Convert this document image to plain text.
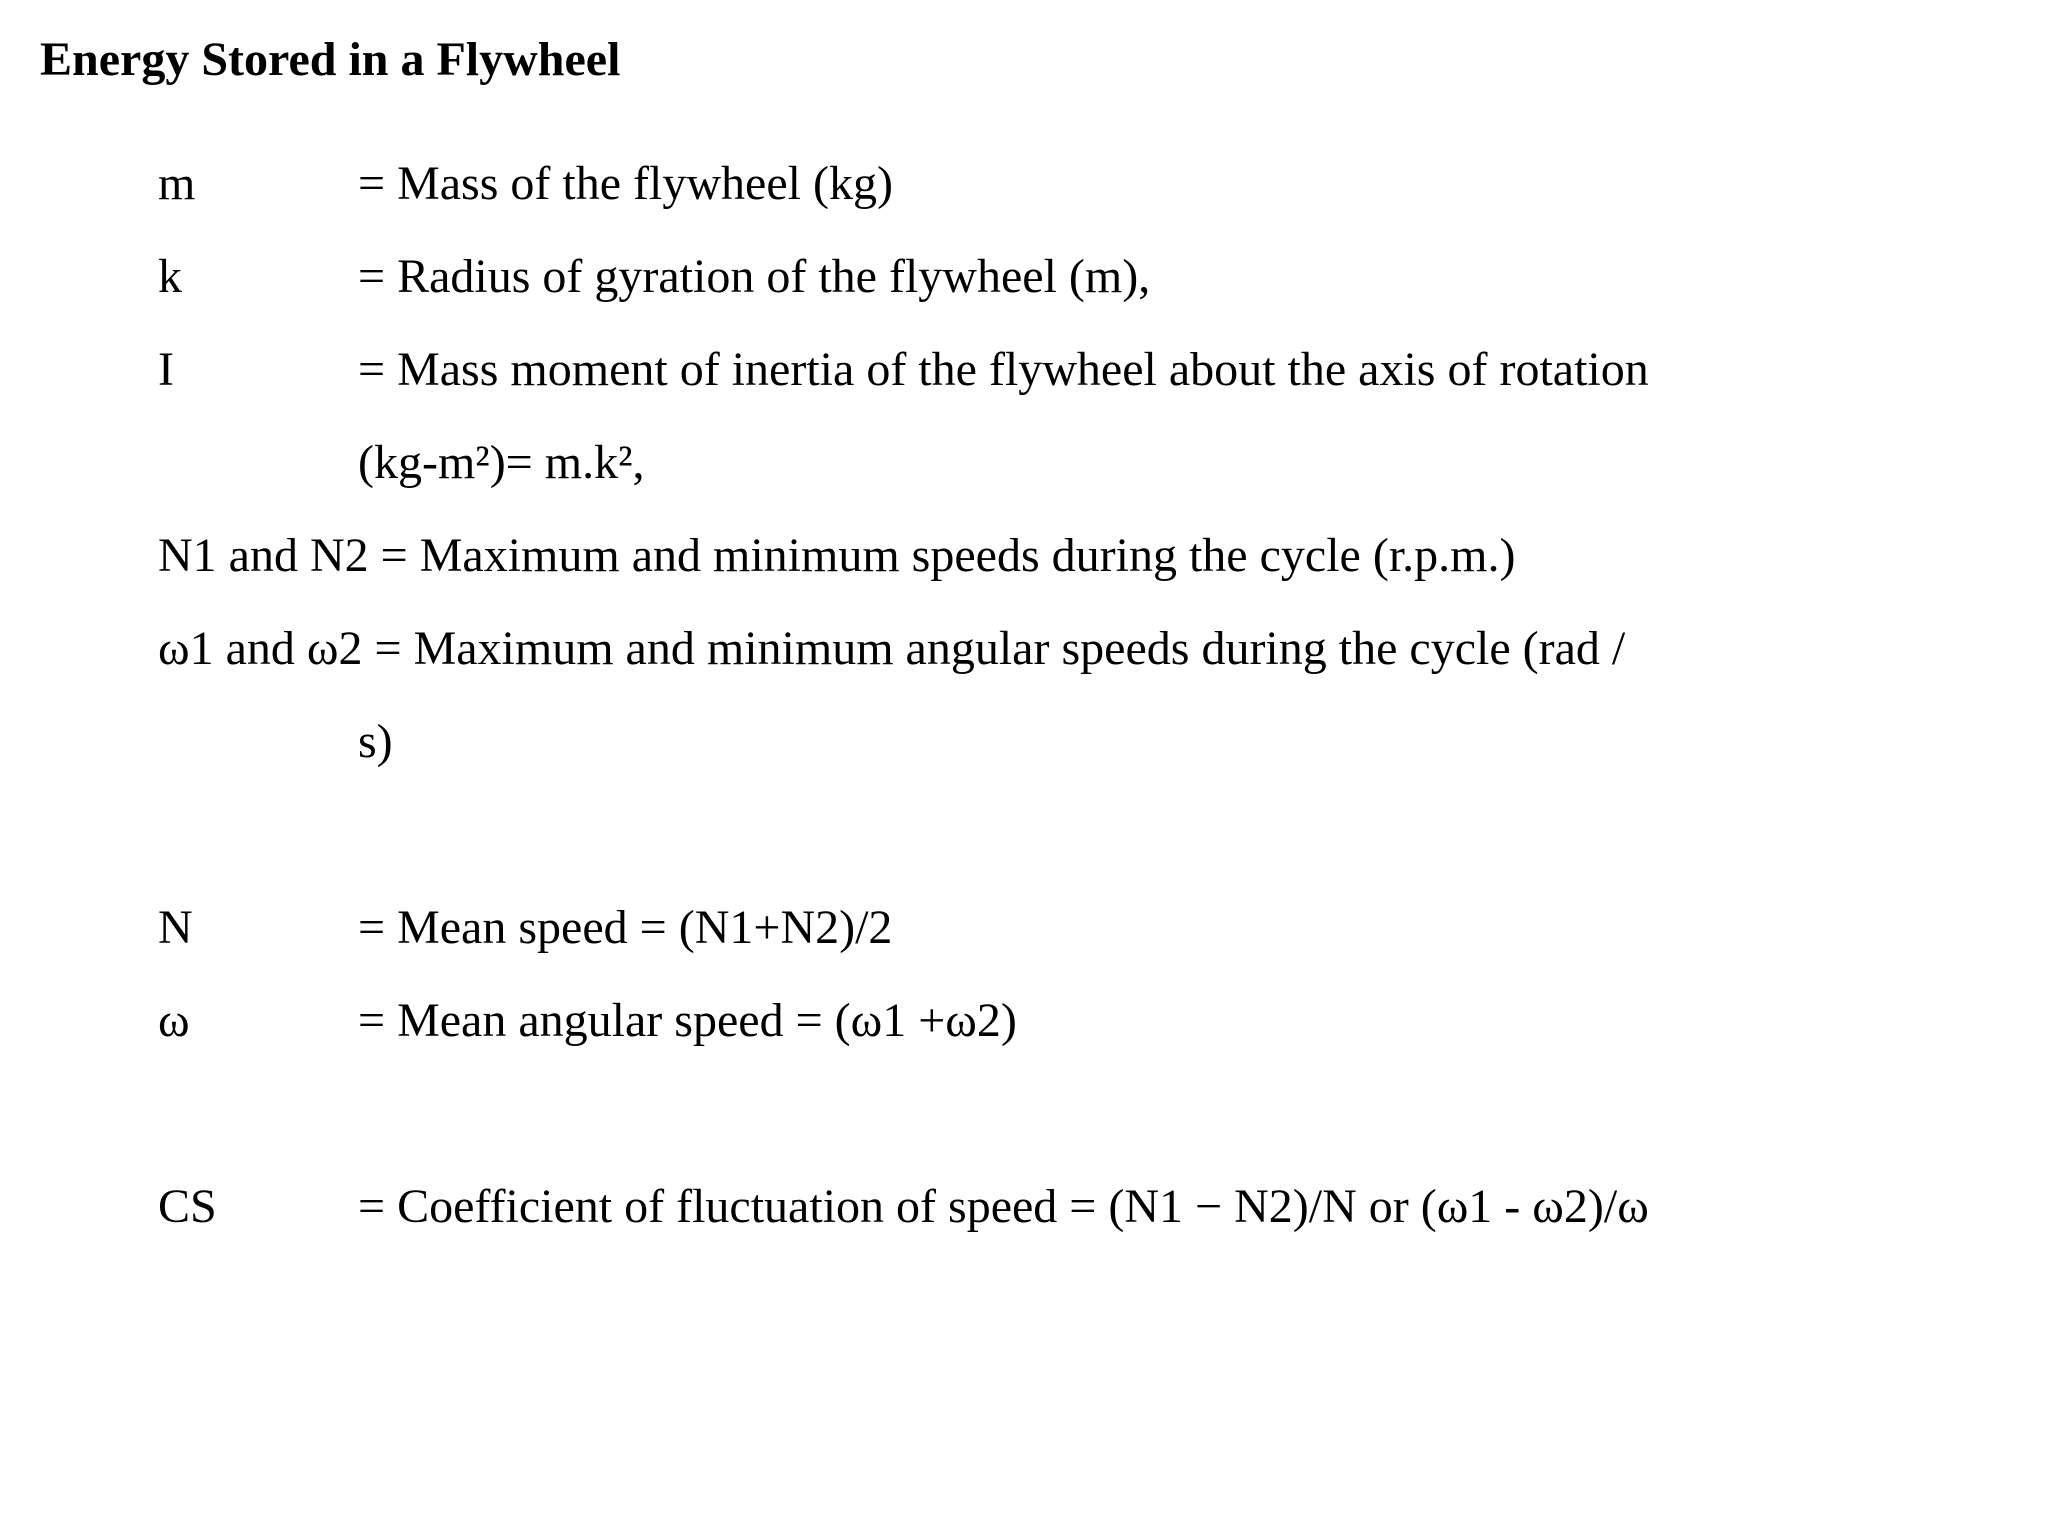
Energy Stored in a Flywheel
m	= Mass of the flywheel (kg)
k	= Radius of gyration of the flywheel (m),
I	= Mass moment of inertia of the flywheel about the axis of rotation
(kg-m²)= m.k²,
N1 and N2 = Maximum and minimum speeds during the cycle (r.p.m.)
ω1 and ω2 = Maximum and minimum angular speeds during the cycle (rad /
s)
N	= Mean speed = (N1+N2)/2
ω	= Mean angular speed = (ω1 +ω2)
CS	= Coefficient of fluctuation of speed = (N1 − N2)/N or (ω1 - ω2)/ω
